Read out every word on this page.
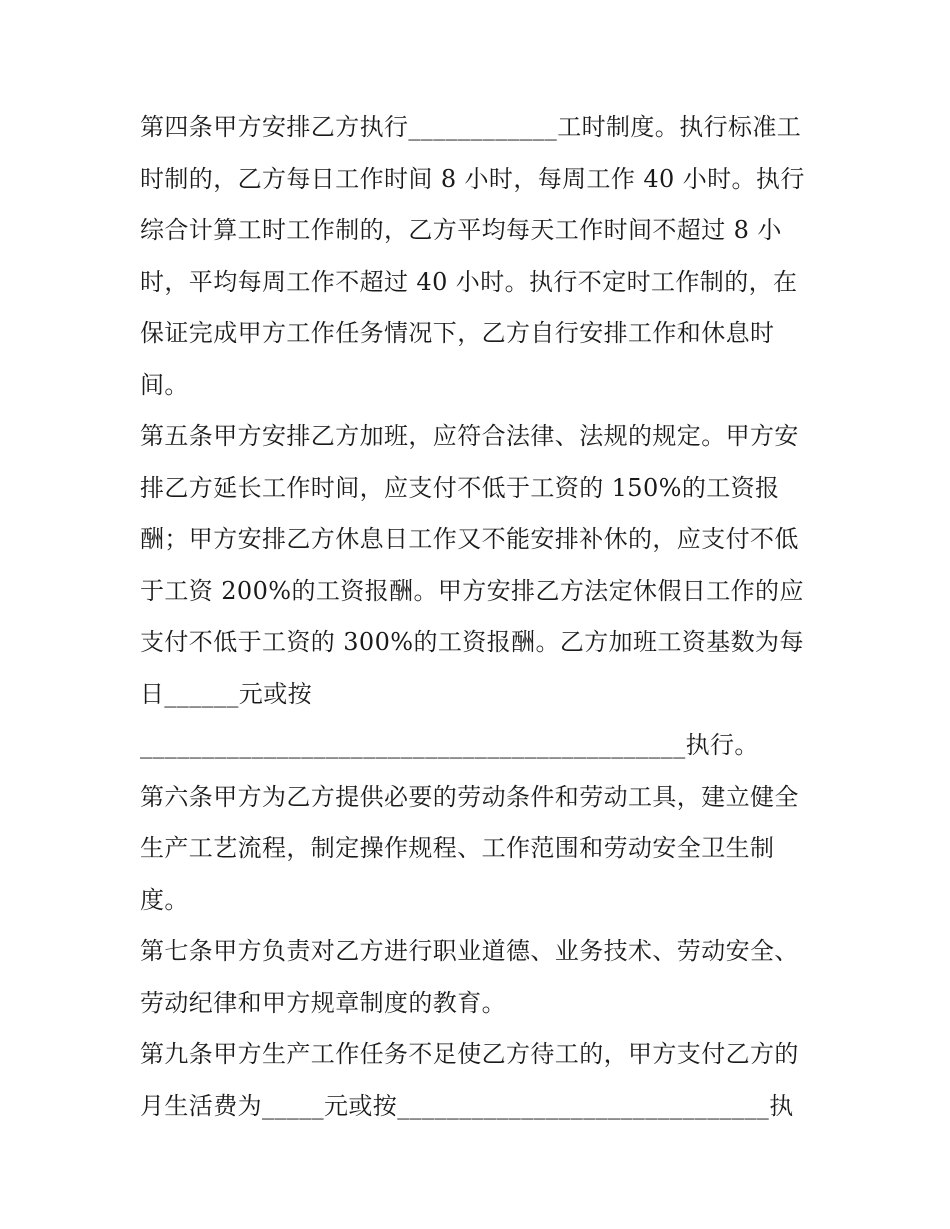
第四条甲方安排乙方执行____________工时制度。执行标准工
时制的，乙方每日工作时间 8 小时，每周工作 40 小时。执行
综合计算工时工作制的，乙方平均每天工作时间不超过 8 小
时，平均每周工作不超过 40 小时。执行不定时工作制的，在
保证完成甲方工作任务情况下，乙方自行安排工作和休息时
间。
第五条甲方安排乙方加班，应符合法律、法规的规定。甲方安
排乙方延长工作时间，应支付不低于工资的 150%的工资报
酬；甲方安排乙方休息日工作又不能安排补休的，应支付不低
于工资 200%的工资报酬。甲方安排乙方法定休假日工作的应
支付不低于工资的 300%的工资报酬。乙方加班工资基数为每
日______元或按
____________________________________________执行。
第六条甲方为乙方提供必要的劳动条件和劳动工具，建立健全
生产工艺流程，制定操作规程、工作范围和劳动安全卫生制
度。
第七条甲方负责对乙方进行职业道德、业务技术、劳动安全、
劳动纪律和甲方规章制度的教育。
第九条甲方生产工作任务不足使乙方待工的，甲方支付乙方的
月生活费为_____元或按______________________________执
